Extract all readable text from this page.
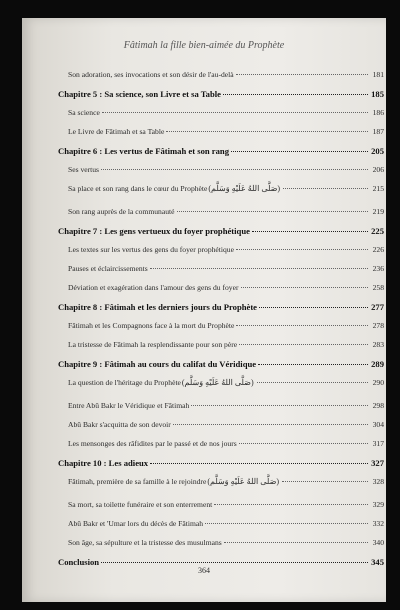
Fâtimah la fille bien-aimée du Prophète
Son adoration, ses invocations et son désir de l'au-delà	181
Chapitre 5 : Sa science, son Livre et sa Table	185
Sa science	186
Le Livre de Fâtimah et sa Table	187
Chapitre 6 : Les vertus de Fâtimah et son rang	205
Ses vertus	206
Sa place et son rang dans le cœur du Prophète (صَلَّى اللهُ عَلَيْهِ وَسَلَّم)	215
Son rang auprès de la communauté	219
Chapitre 7 : Les gens vertueux du foyer prophétique	225
Les textes sur les vertus des gens du foyer prophétique	226
Pauses et éclaircissements	236
Déviation et exagération dans l'amour des gens du foyer	258
Chapitre 8 : Fâtimah et les derniers jours du Prophète	277
Fâtimah et les Compagnons face à la mort du Prophète	278
La tristesse de Fâtimah la resplendissante pour son père	283
Chapitre 9 : Fâtimah au cours du califat du Véridique	289
La question de l'héritage du Prophète (صَلَّى اللهُ عَلَيْهِ وَسَلَّم)	290
Entre Abû Bakr le Véridique et Fâtimah	298
Abû Bakr s'acquitta de son devoir	304
Les mensonges des râfidites par le passé et de nos jours	317
Chapitre 10 : Les adieux	327
Fâtimah, première de sa famille à le rejoindre (صَلَّى اللهُ عَلَيْهِ وَسَلَّم)	328
Sa mort, sa toilette funéraire et son enterrement	329
Abû Bakr et 'Umar lors du décès de Fâtimah	332
Son âge, sa sépulture et la tristesse des musulmans	340
Conclusion	345
364
